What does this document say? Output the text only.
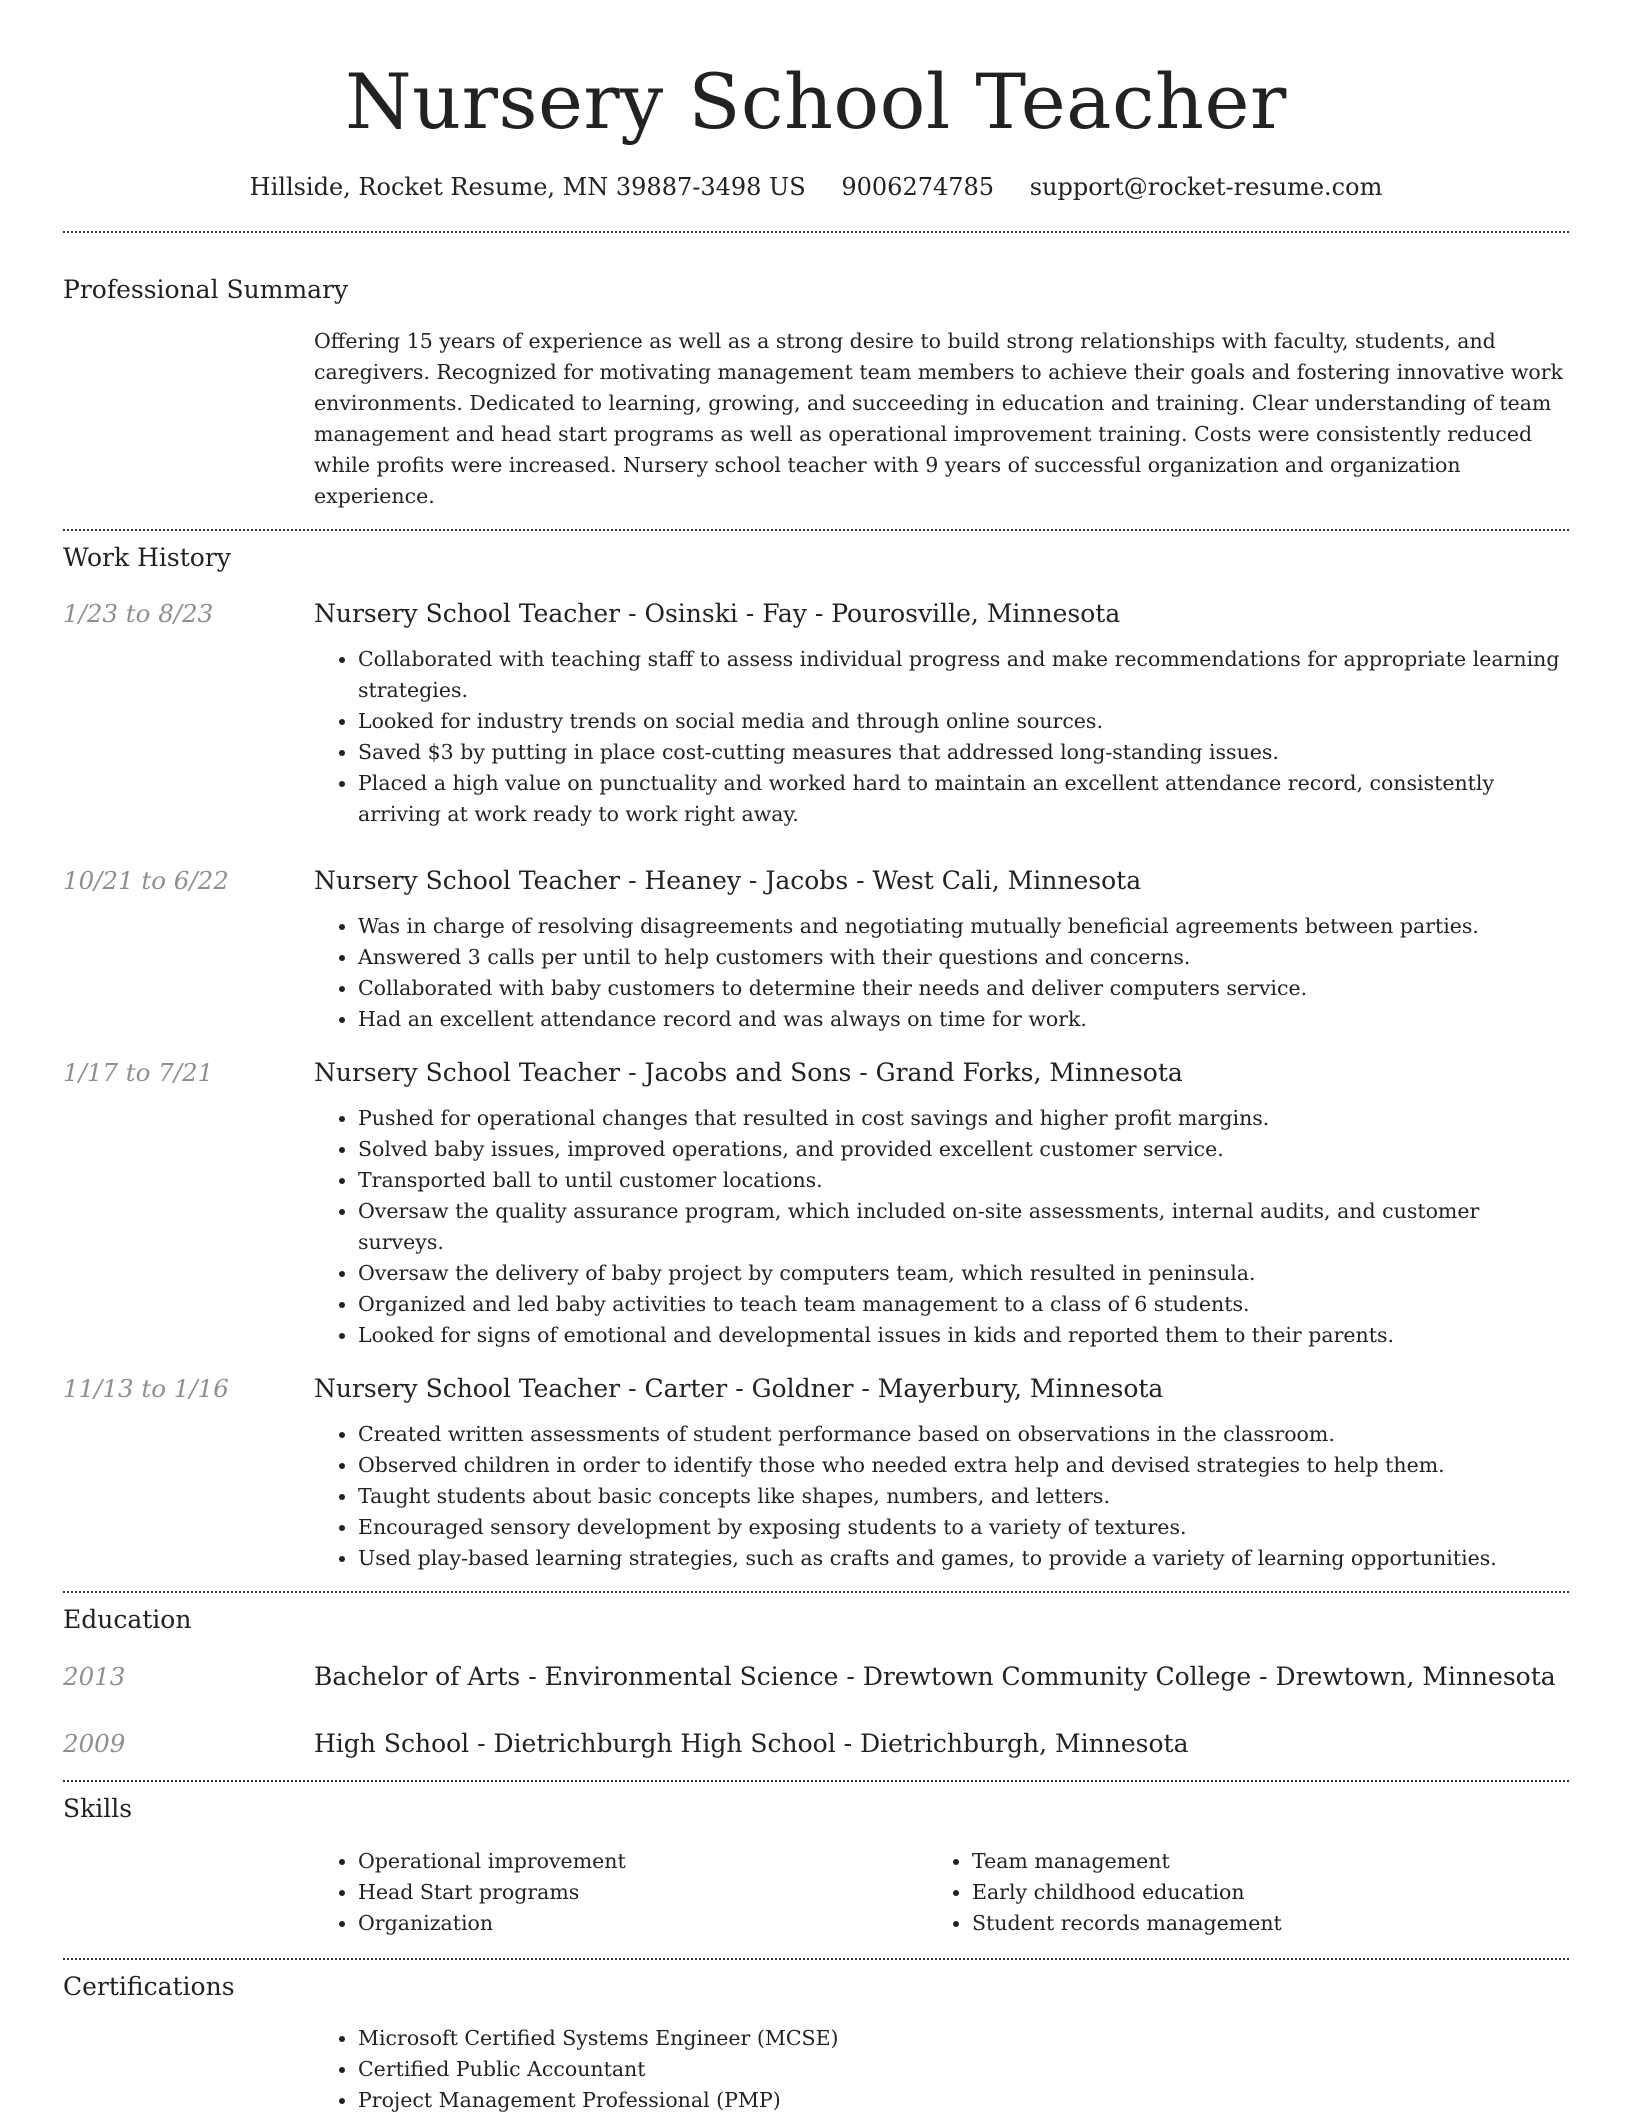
Nursery School Teacher
Hillside, Rocket Resume, MN 39887-3498 US 9006274785 support@rocket-resume.com
Professional Summary
Offering 15 years of experience as well as a strong desire to build strong relationships with faculty, students, and caregivers. Recognized for motivating management team members to achieve their goals and fostering innovative work environments. Dedicated to learning, growing, and succeeding in education and training. Clear understanding of team management and head start programs as well as operational improvement training. Costs were consistently reduced while profits were increased. Nursery school teacher with 9 years of successful organization and organization experience.
Work History
1/23 to 8/23	Nursery School Teacher - Osinski - Fay - Pourosville, Minnesota
• Collaborated with teaching staff to assess individual progress and make recommendations for appropriate learning strategies.
• Looked for industry trends on social media and through online sources.
• Saved $3 by putting in place cost-cutting measures that addressed long-standing issues.
• Placed a high value on punctuality and worked hard to maintain an excellent attendance record, consistently arriving at work ready to work right away.
10/21 to 6/22	Nursery School Teacher - Heaney - Jacobs - West Cali, Minnesota
• Was in charge of resolving disagreements and negotiating mutually beneficial agreements between parties.
• Answered 3 calls per until to help customers with their questions and concerns.
• Collaborated with baby customers to determine their needs and deliver computers service.
• Had an excellent attendance record and was always on time for work.
1/17 to 7/21	Nursery School Teacher - Jacobs and Sons - Grand Forks, Minnesota
• Pushed for operational changes that resulted in cost savings and higher profit margins.
• Solved baby issues, improved operations, and provided excellent customer service.
• Transported ball to until customer locations.
• Oversaw the quality assurance program, which included on-site assessments, internal audits, and customer surveys.
• Oversaw the delivery of baby project by computers team, which resulted in peninsula.
• Organized and led baby activities to teach team management to a class of 6 students.
• Looked for signs of emotional and developmental issues in kids and reported them to their parents.
11/13 to 1/16	Nursery School Teacher - Carter - Goldner - Mayerbury, Minnesota
• Created written assessments of student performance based on observations in the classroom.
• Observed children in order to identify those who needed extra help and devised strategies to help them.
• Taught students about basic concepts like shapes, numbers, and letters.
• Encouraged sensory development by exposing students to a variety of textures.
• Used play-based learning strategies, such as crafts and games, to provide a variety of learning opportunities.
Education
2013	Bachelor of Arts - Environmental Science - Drewtown Community College - Drewtown, Minnesota
2009	High School - Dietrichburgh High School - Dietrichburgh, Minnesota
Skills
• Operational improvement
• Head Start programs
• Organization
• Team management
• Early childhood education
• Student records management
Certifications
• Microsoft Certified Systems Engineer (MCSE)
• Certified Public Accountant
• Project Management Professional (PMP)
